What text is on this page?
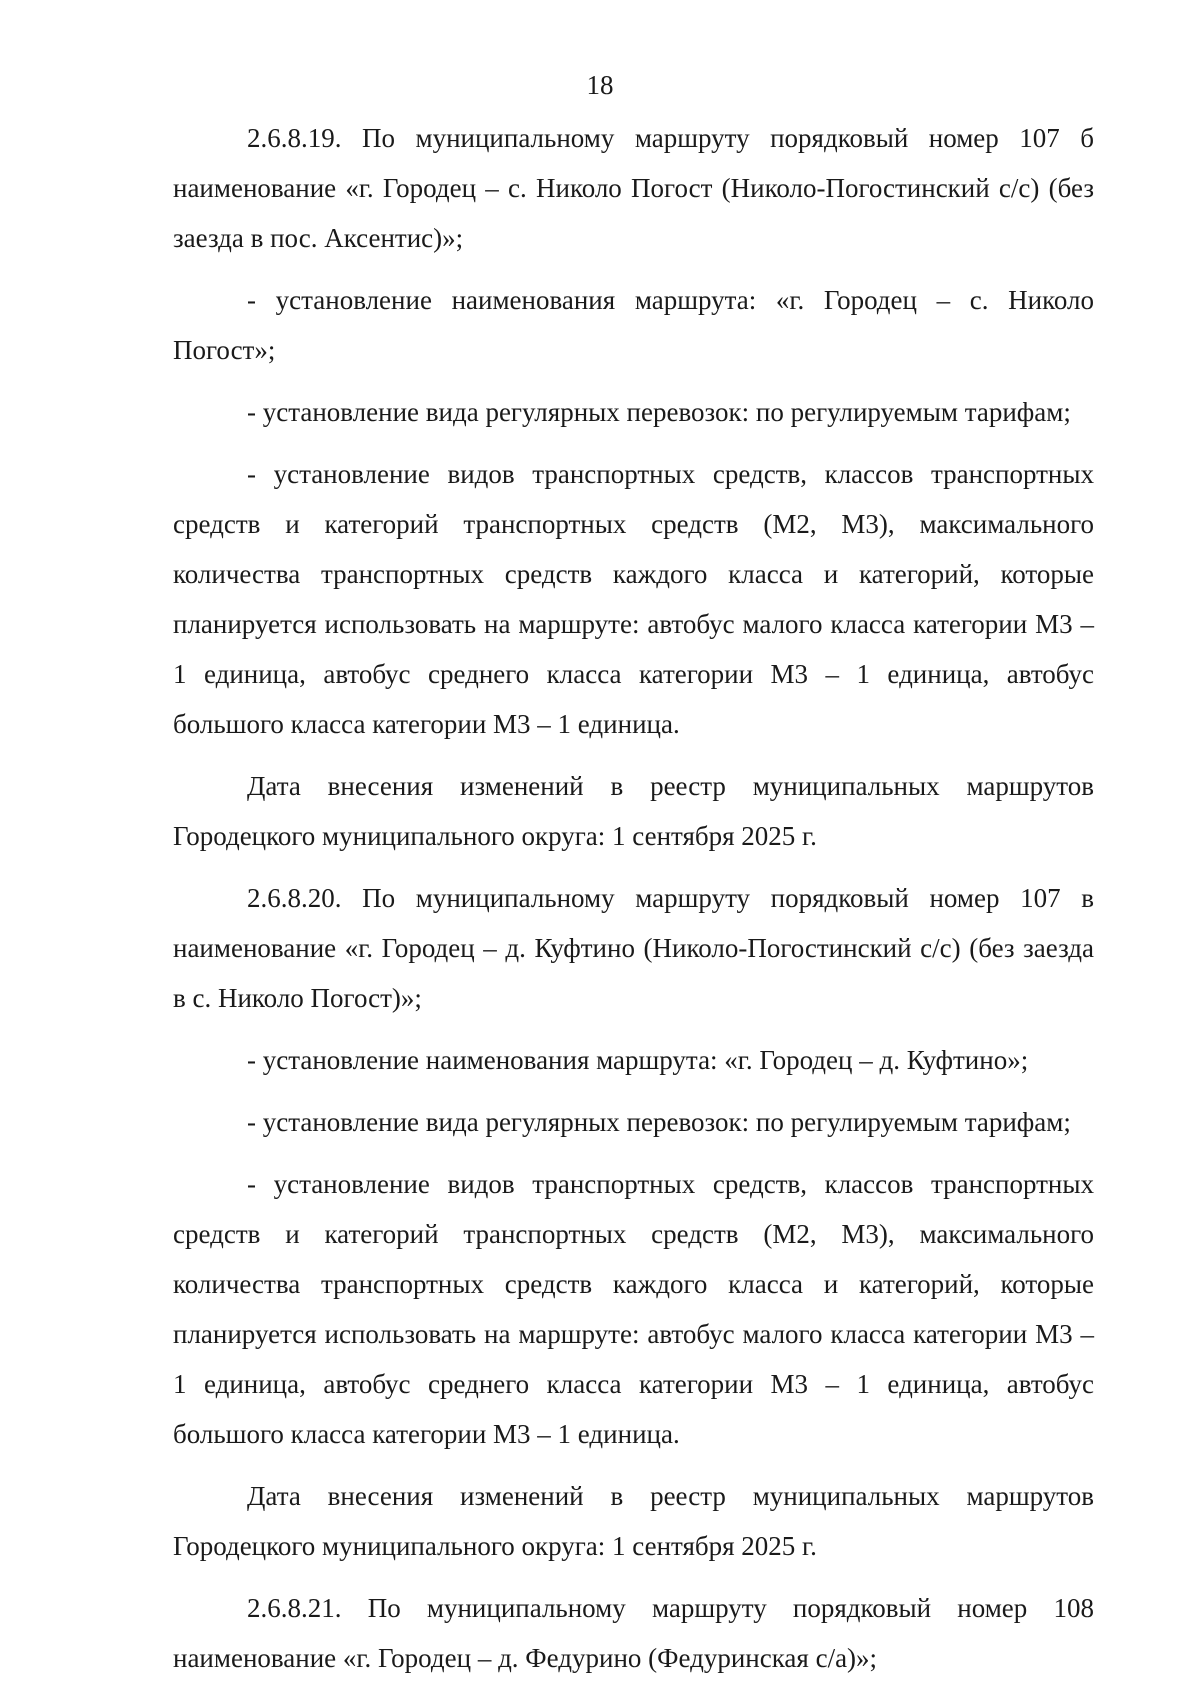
18

2.6.8.19. По муниципальному маршруту порядковый номер 107 б наименование «г. Городец – с. Николо Погост (Николо-Погостинский с/с) (без заезда в пос. Аксентис)»;

- установление наименования маршрута: «г. Городец – с. Николо Погост»;

- установление вида регулярных перевозок: по регулируемым тарифам;

- установление видов транспортных средств, классов транспортных средств и категорий транспортных средств (М2, М3), максимального количества транспортных средств каждого класса и категорий, которые планируется использовать на маршруте: автобус малого класса категории М3 – 1 единица, автобус среднего класса категории М3 – 1 единица, автобус большого класса категории М3 – 1 единица.

Дата внесения изменений в реестр муниципальных маршрутов Городецкого муниципального округа: 1 сентября 2025 г.

2.6.8.20. По муниципальному маршруту порядковый номер 107 в наименование «г. Городец – д. Куфтино (Николо-Погостинский с/с) (без заезда в с. Николо Погост)»;

- установление наименования маршрута: «г. Городец – д. Куфтино»;

- установление вида регулярных перевозок: по регулируемым тарифам;

- установление видов транспортных средств, классов транспортных средств и категорий транспортных средств (М2, М3), максимального количества транспортных средств каждого класса и категорий, которые планируется использовать на маршруте: автобус малого класса категории М3 – 1 единица, автобус среднего класса категории М3 – 1 единица, автобус большого класса категории М3 – 1 единица.

Дата внесения изменений в реестр муниципальных маршрутов Городецкого муниципального округа: 1 сентября 2025 г.

2.6.8.21. По муниципальному маршруту порядковый номер 108 наименование «г. Городец – д. Федурино (Федуринская с/а)»;
